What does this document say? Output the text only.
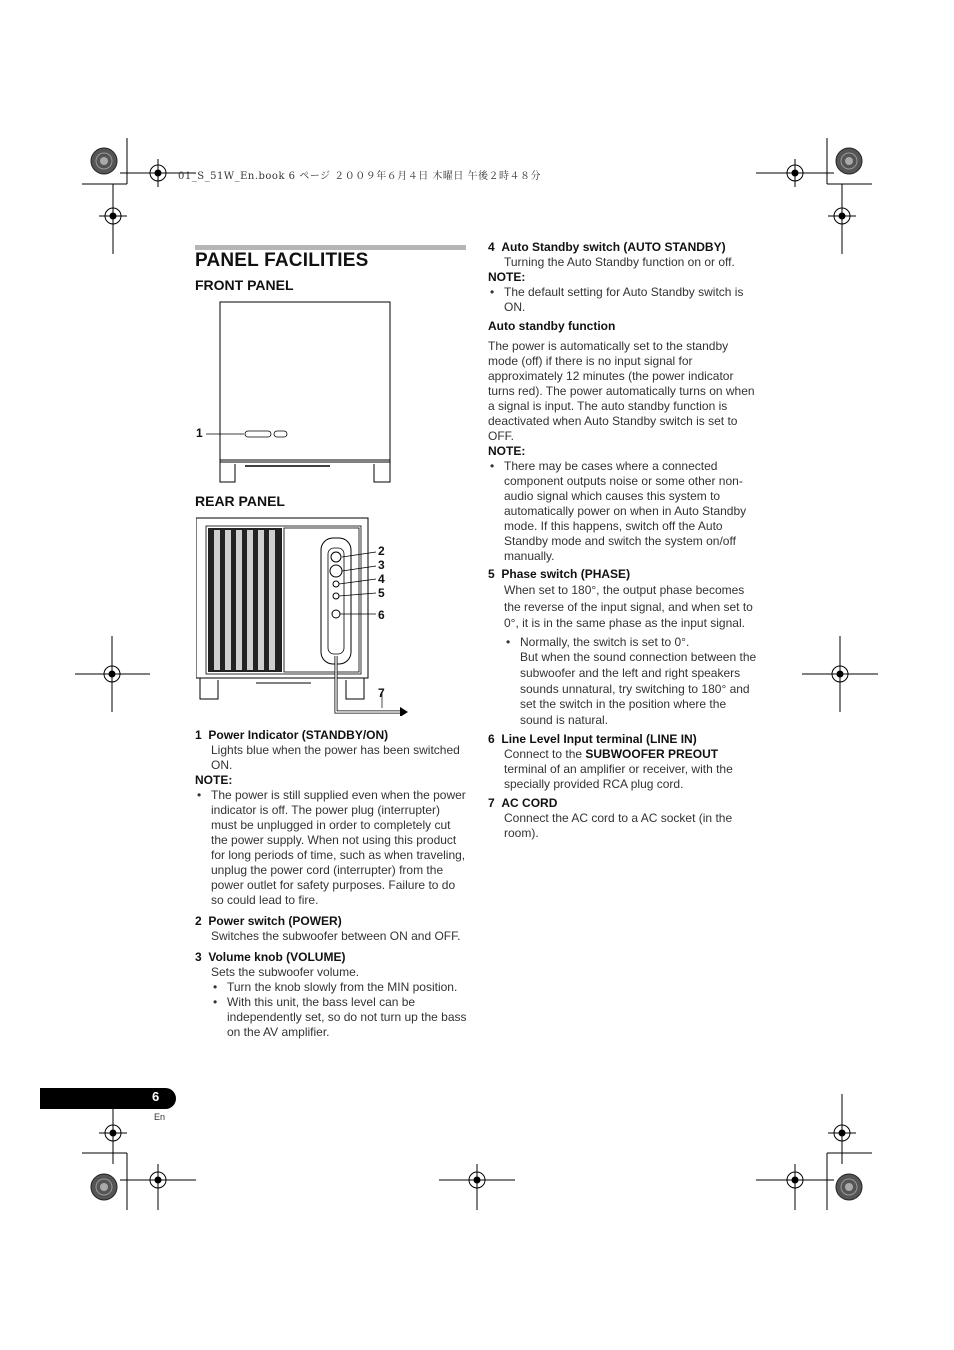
01_S_51W_En.book 6 ページ ２００９年６月４日 木曜日 午後２時４８分
PANEL FACILITIES
FRONT PANEL
1
REAR PANEL
2
3
4
5
6
7

1 Power Indicator (STANDBY/ON)

Lights blue when the power has been switched ON.

NOTE:

• The power is still supplied even when the power indicator is off. The power plug (interrupter) must be unplugged in order to completely cut the power supply. When not using this product for long periods of time, such as when traveling, unplug the power cord (interrupter) from the power outlet for safety purposes. Failure to do so could lead to fire.

2 Power switch (POWER)

Switches the subwoofer between ON and OFF.

3 Volume knob (VOLUME)

Sets the subwoofer volume.

• Turn the knob slowly from the MIN position.

• With this unit, the bass level can be independently set, so do not turn up the bass on the AV amplifier.

4 Auto Standby switch (AUTO STANDBY)

Turning the Auto Standby function on or off.

NOTE:

• The default setting for Auto Standby switch is ON.

Auto standby function

The power is automatically set to the standby mode (off) if there is no input signal for approximately 12 minutes (the power indicator turns red). The power automatically turns on when a signal is input. The auto standby function is deactivated when Auto Standby switch is set to OFF.

NOTE:

• There may be cases where a connected component outputs noise or some other non-audio signal which causes this system to automatically power on when in Auto Standby mode. If this happens, switch off the Auto Standby mode and switch the system on/off manually.

5 Phase switch (PHASE)

When set to 180°, the output phase becomes the reverse of the input signal, and when set to 0°, it is in the same phase as the input signal.

• Normally, the switch is set to 0°.
But when the sound connection between the subwoofer and the left and right speakers sounds unnatural, try switching to 180° and set the switch in the position where the sound is natural.

6 Line Level Input terminal (LINE IN)

Connect to the SUBWOOFER PREOUT terminal of an amplifier or receiver, with the specially provided RCA plug cord.

7 AC CORD

Connect the AC cord to a AC socket (in the room).

6
En
